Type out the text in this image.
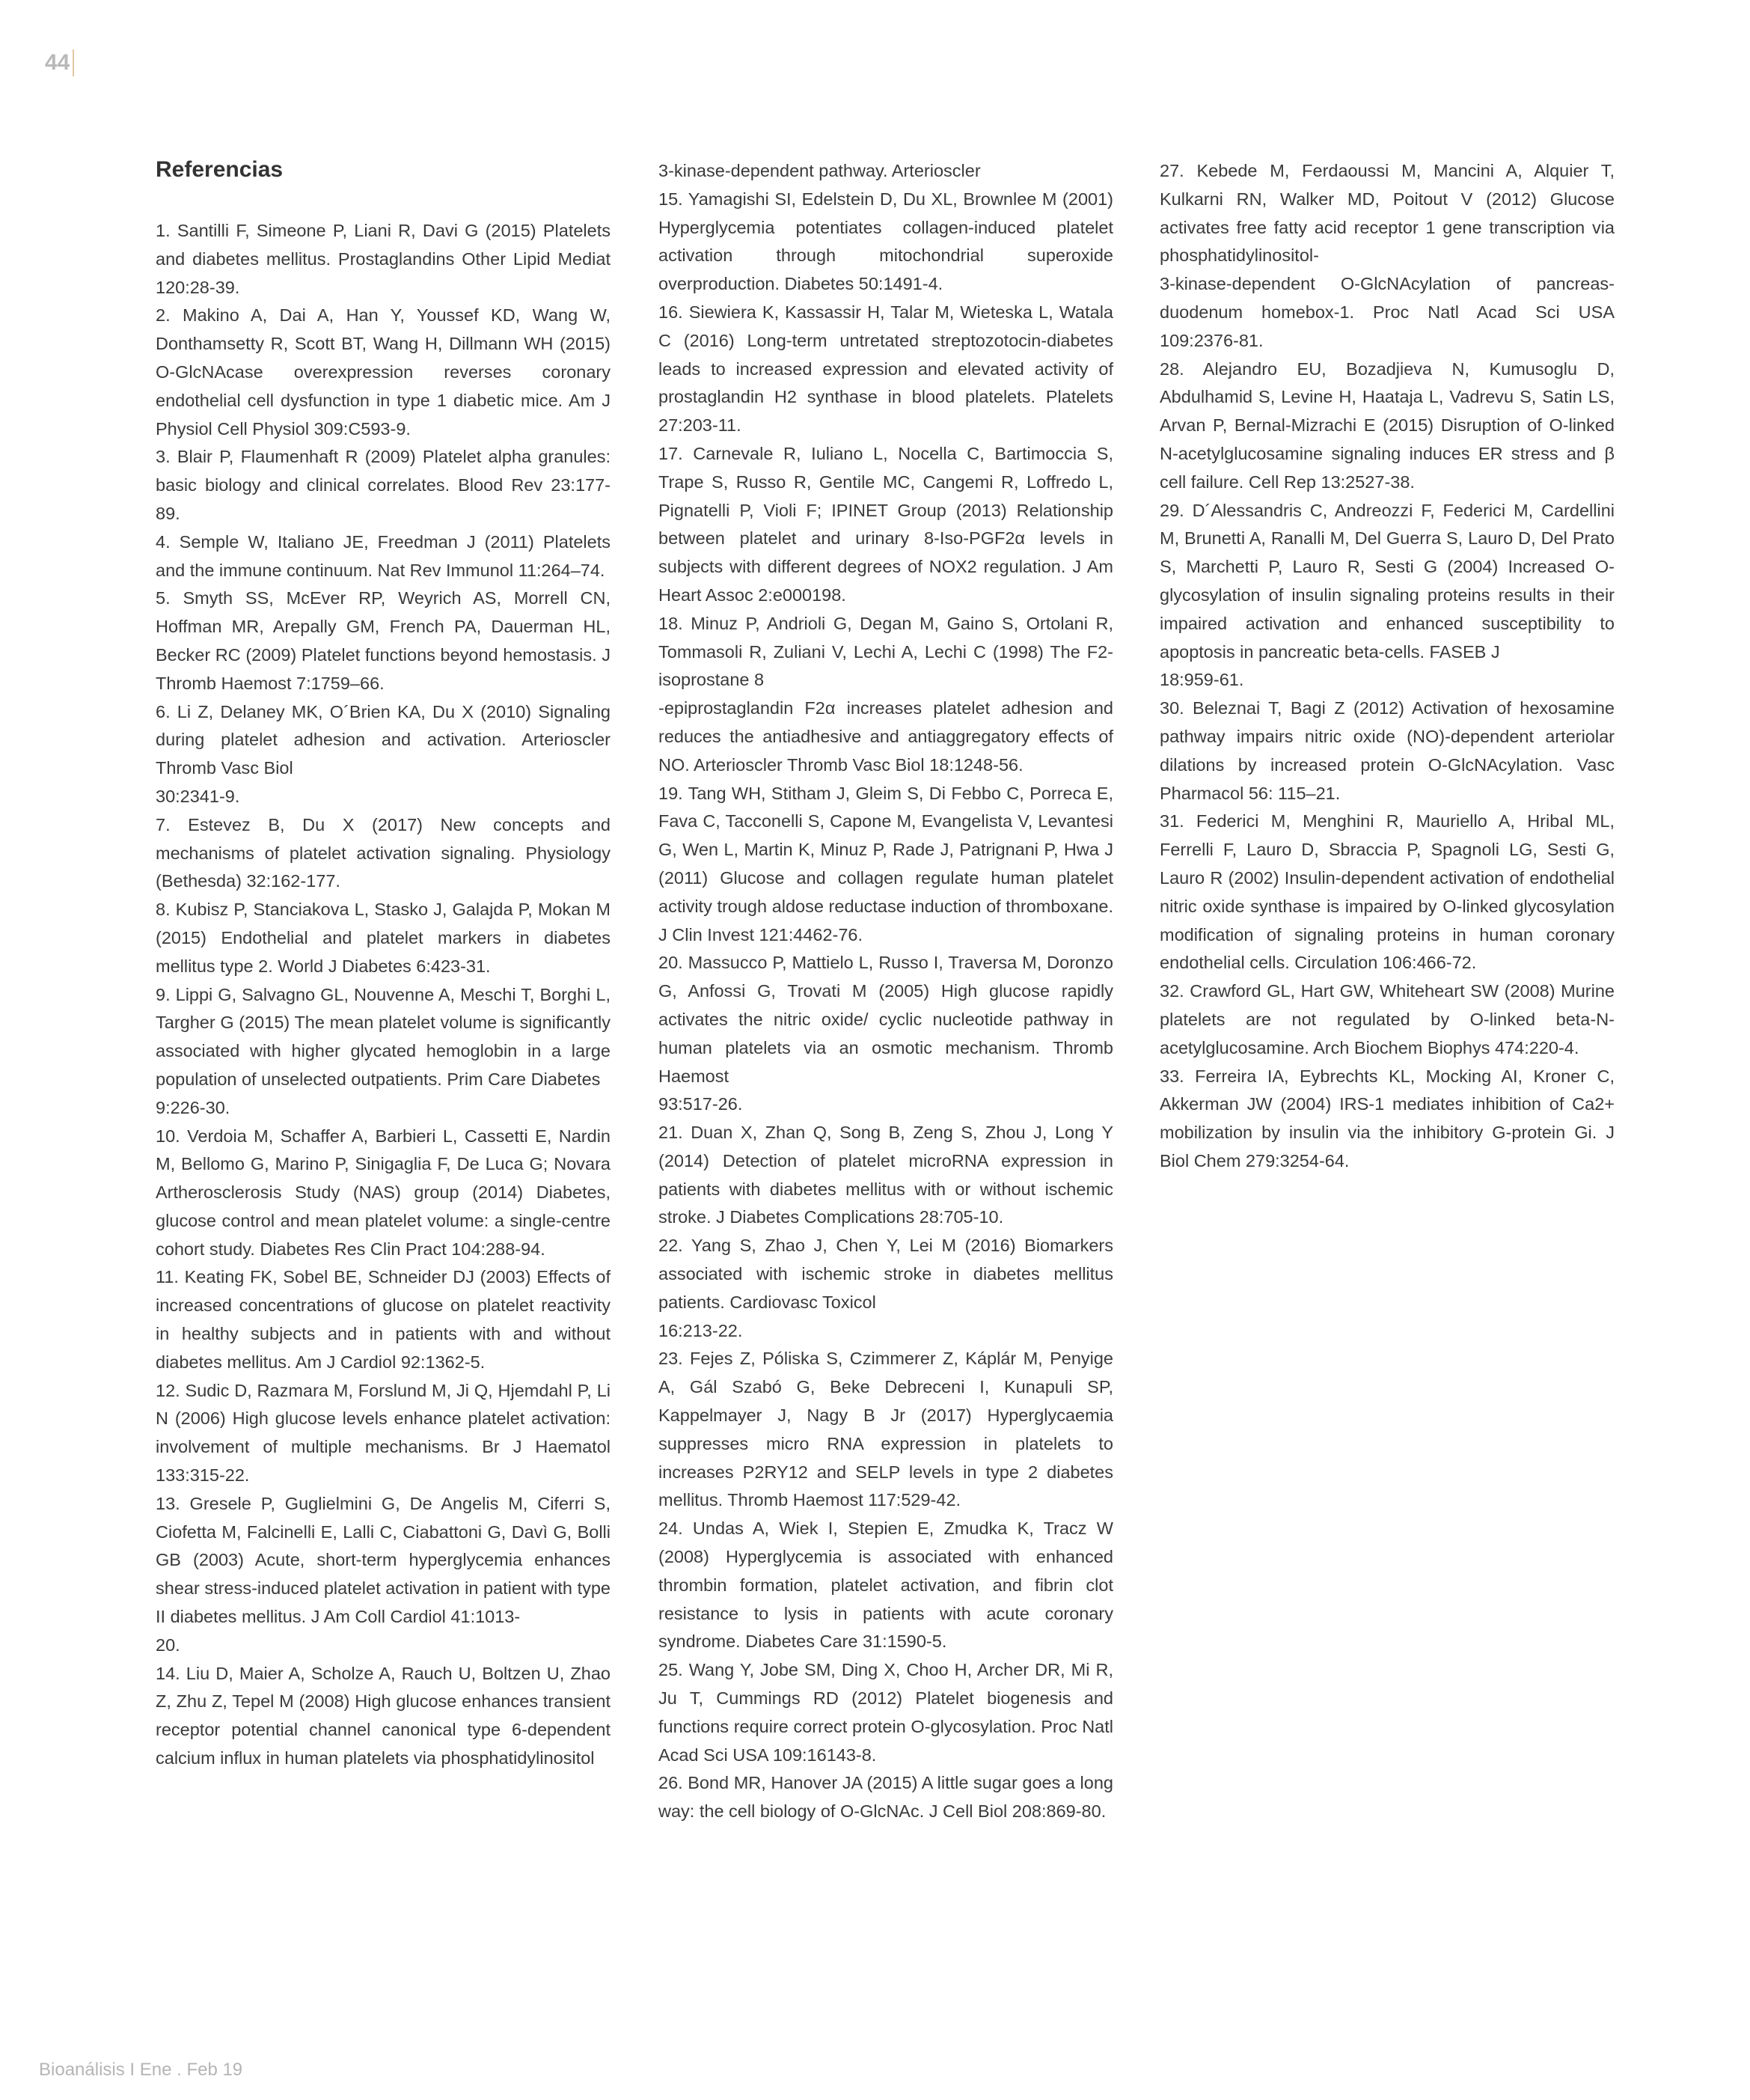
44
Referencias

1. Santilli F, Simeone P, Liani R, Davi G (2015) Platelets and diabetes mellitus. Prostaglandins Other Lipid Mediat 120:28-39.

2. Makino A, Dai A, Han Y, Youssef KD, Wang W, Donthamsetty R, Scott BT, Wang H, Dillmann WH (2015) O-GlcNAcase overexpression reverses coronary endothelial cell dysfunction in type 1 diabetic mice. Am J Physiol Cell Physiol 309:C593-9.

3. Blair P, Flaumenhaft R (2009) Platelet alpha granules: basic biology and clinical correlates. Blood Rev 23:177-89.

4. Semple W, Italiano JE, Freedman J (2011) Platelets and the immune continuum. Nat Rev Immunol 11:264–74.

5. Smyth SS, McEver RP, Weyrich AS, Morrell CN, Hoffman MR, Arepally GM, French PA, Dauerman HL, Becker RC (2009) Platelet functions beyond hemostasis. J Thromb Haemost 7:1759–66.

6. Li Z, Delaney MK, O´Brien KA, Du X (2010) Signaling during platelet adhesion and activation. Arterioscler Thromb Vasc Biol

30:2341-9.

7. Estevez B, Du X (2017) New concepts and mechanisms of platelet activation signaling. Physiology (Bethesda) 32:162-177.

8. Kubisz P, Stanciakova L, Stasko J, Galajda P, Mokan M (2015) Endothelial and platelet markers in diabetes mellitus type 2. World J Diabetes 6:423-31.

9. Lippi G, Salvagno GL, Nouvenne A, Meschi T, Borghi L, Targher G (2015) The mean platelet volume is significantly associated with higher glycated hemoglobin in a large population of unselected outpatients. Prim Care Diabetes

9:226-30.

10. Verdoia M, Schaffer A, Barbieri L, Cassetti E, Nardin M, Bellomo G, Marino P, Sinigaglia F, De Luca G; Novara Artherosclerosis Study (NAS) group (2014) Diabetes, glucose control and mean platelet volume: a single-centre cohort study. Diabetes Res Clin Pract 104:288-94.

11. Keating FK, Sobel BE, Schneider DJ (2003) Effects of increased concentrations of glucose on platelet reactivity in healthy subjects and in patients with and without diabetes mellitus. Am J Cardiol 92:1362-5.

12. Sudic D, Razmara M, Forslund M, Ji Q, Hjemdahl P, Li N (2006) High glucose levels enhance platelet activation: involvement of multiple mechanisms. Br J Haematol 133:315-22.

13. Gresele P, Guglielmini G, De Angelis M, Ciferri S, Ciofetta M, Falcinelli E, Lalli C, Ciabattoni G, Davì G, Bolli GB (2003) Acute, short-term hyperglycemia enhances shear stress-induced platelet activation in patient with type II diabetes mellitus. J Am Coll Cardiol 41:1013-

20.

14. Liu D, Maier A, Scholze A, Rauch U, Boltzen U, Zhao Z, Zhu Z, Tepel M (2008) High glucose enhances transient receptor potential channel canonical type 6-dependent calcium influx in human platelets via phosphatidylinositol

3-kinase-dependent pathway. Arterioscler

15. Yamagishi SI, Edelstein D, Du XL, Brownlee M (2001) Hyperglycemia potentiates collagen-induced platelet activation through mitochondrial superoxide overproduction. Diabetes 50:1491-4.

16. Siewiera K, Kassassir H, Talar M, Wieteska L, Watala C (2016) Long-term untretated streptozotocin-diabetes leads to increased expression and elevated activity of prostaglandin H2 synthase in blood platelets. Platelets 27:203-11.

17. Carnevale R, Iuliano L, Nocella C, Bartimoccia S, Trape S, Russo R, Gentile MC, Cangemi R, Loffredo L, Pignatelli P, Violi F; IPINET Group (2013) Relationship between platelet and urinary 8-Iso-PGF2α levels in subjects with different degrees of NOX2 regulation. J Am Heart Assoc 2:e000198.

18. Minuz P, Andrioli G, Degan M, Gaino S, Ortolani R, Tommasoli R, Zuliani V, Lechi A, Lechi C (1998) The F2-isoprostane 8

-epiprostaglandin F2α increases platelet adhesion and reduces the antiadhesive and antiaggregatory effects of NO. Arterioscler Thromb Vasc Biol 18:1248-56.

19. Tang WH, Stitham J, Gleim S, Di Febbo C, Porreca E, Fava C, Tacconelli S, Capone M, Evangelista V, Levantesi G, Wen L, Martin K, Minuz P, Rade J, Patrignani P, Hwa J (2011) Glucose and collagen regulate human platelet activity trough aldose reductase induction of thromboxane. J Clin Invest 121:4462-76.

20. Massucco P, Mattielo L, Russo I, Traversa M, Doronzo G, Anfossi G, Trovati M (2005) High glucose rapidly activates the nitric oxide/ cyclic nucleotide pathway in human platelets via an osmotic mechanism. Thromb Haemost

93:517-26.

21. Duan X, Zhan Q, Song B, Zeng S, Zhou J, Long Y (2014) Detection of platelet microRNA expression in patients with diabetes mellitus with or without ischemic stroke. J Diabetes Complications 28:705-10.

22. Yang S, Zhao J, Chen Y, Lei M (2016) Biomarkers associated with ischemic stroke in diabetes mellitus patients. Cardiovasc Toxicol

16:213-22.

23. Fejes Z, Póliska S, Czimmerer Z, Káplár M, Penyige A, Gál Szabó G, Beke Debreceni I, Kunapuli SP, Kappelmayer J, Nagy B Jr (2017) Hyperglycaemia suppresses micro RNA expression in platelets to increases P2RY12 and SELP levels in type 2 diabetes mellitus. Thromb Haemost 117:529-42.

24. Undas A, Wiek I, Stepien E, Zmudka K, Tracz W (2008) Hyperglycemia is associated with enhanced thrombin formation, platelet activation, and fibrin clot resistance to lysis in patients with acute coronary syndrome. Diabetes Care 31:1590-5.

25. Wang Y, Jobe SM, Ding X, Choo H, Archer DR, Mi R, Ju T, Cummings RD (2012) Platelet biogenesis and functions require correct protein O-glycosylation. Proc Natl Acad Sci USA 109:16143-8.

26. Bond MR, Hanover JA (2015) A little sugar goes a long way: the cell biology of O-GlcNAc. J Cell Biol 208:869-80.

27. Kebede M, Ferdaoussi M, Mancini A, Alquier T, Kulkarni RN, Walker MD, Poitout V (2012) Glucose activates free fatty acid receptor 1 gene transcription via phosphatidylinositol-

3-kinase-dependent O-GlcNAcylation of pancreas-duodenum homebox-1. Proc Natl Acad Sci USA 109:2376-81.

28. Alejandro EU, Bozadjieva N, Kumusoglu D, Abdulhamid S, Levine H, Haataja L, Vadrevu S, Satin LS, Arvan P, Bernal-Mizrachi E (2015) Disruption of O-linked N-acetylglucosamine signaling induces ER stress and β cell failure. Cell Rep 13:2527-38.

29. D´Alessandris C, Andreozzi F, Federici M, Cardellini M, Brunetti A, Ranalli M, Del Guerra S, Lauro D, Del Prato S, Marchetti P, Lauro R, Sesti G (2004) Increased O-glycosylation of insulin signaling proteins results in their impaired activation and enhanced susceptibility to apoptosis in pancreatic beta-cells. FASEB J

18:959-61.

30. Beleznai T, Bagi Z (2012) Activation of hexosamine pathway impairs nitric oxide (NO)-dependent arteriolar dilations by increased protein O-GlcNAcylation. Vasc Pharmacol 56: 115–21.

31. Federici M, Menghini R, Mauriello A, Hribal ML, Ferrelli F, Lauro D, Sbraccia P, Spagnoli LG, Sesti G, Lauro R (2002) Insulin-dependent activation of endothelial nitric oxide synthase is impaired by O-linked glycosylation modification of signaling proteins in human coronary endothelial cells. Circulation 106:466-72.

32. Crawford GL, Hart GW, Whiteheart SW (2008) Murine platelets are not regulated by O-linked beta-N-acetylglucosamine. Arch Biochem Biophys 474:220-4.

33. Ferreira IA, Eybrechts KL, Mocking AI, Kroner C, Akkerman JW (2004) IRS-1 mediates inhibition of Ca2+ mobilization by insulin via the inhibitory G-protein Gi. J Biol Chem 279:3254-64.

Bioanálisis I Ene . Feb 19
